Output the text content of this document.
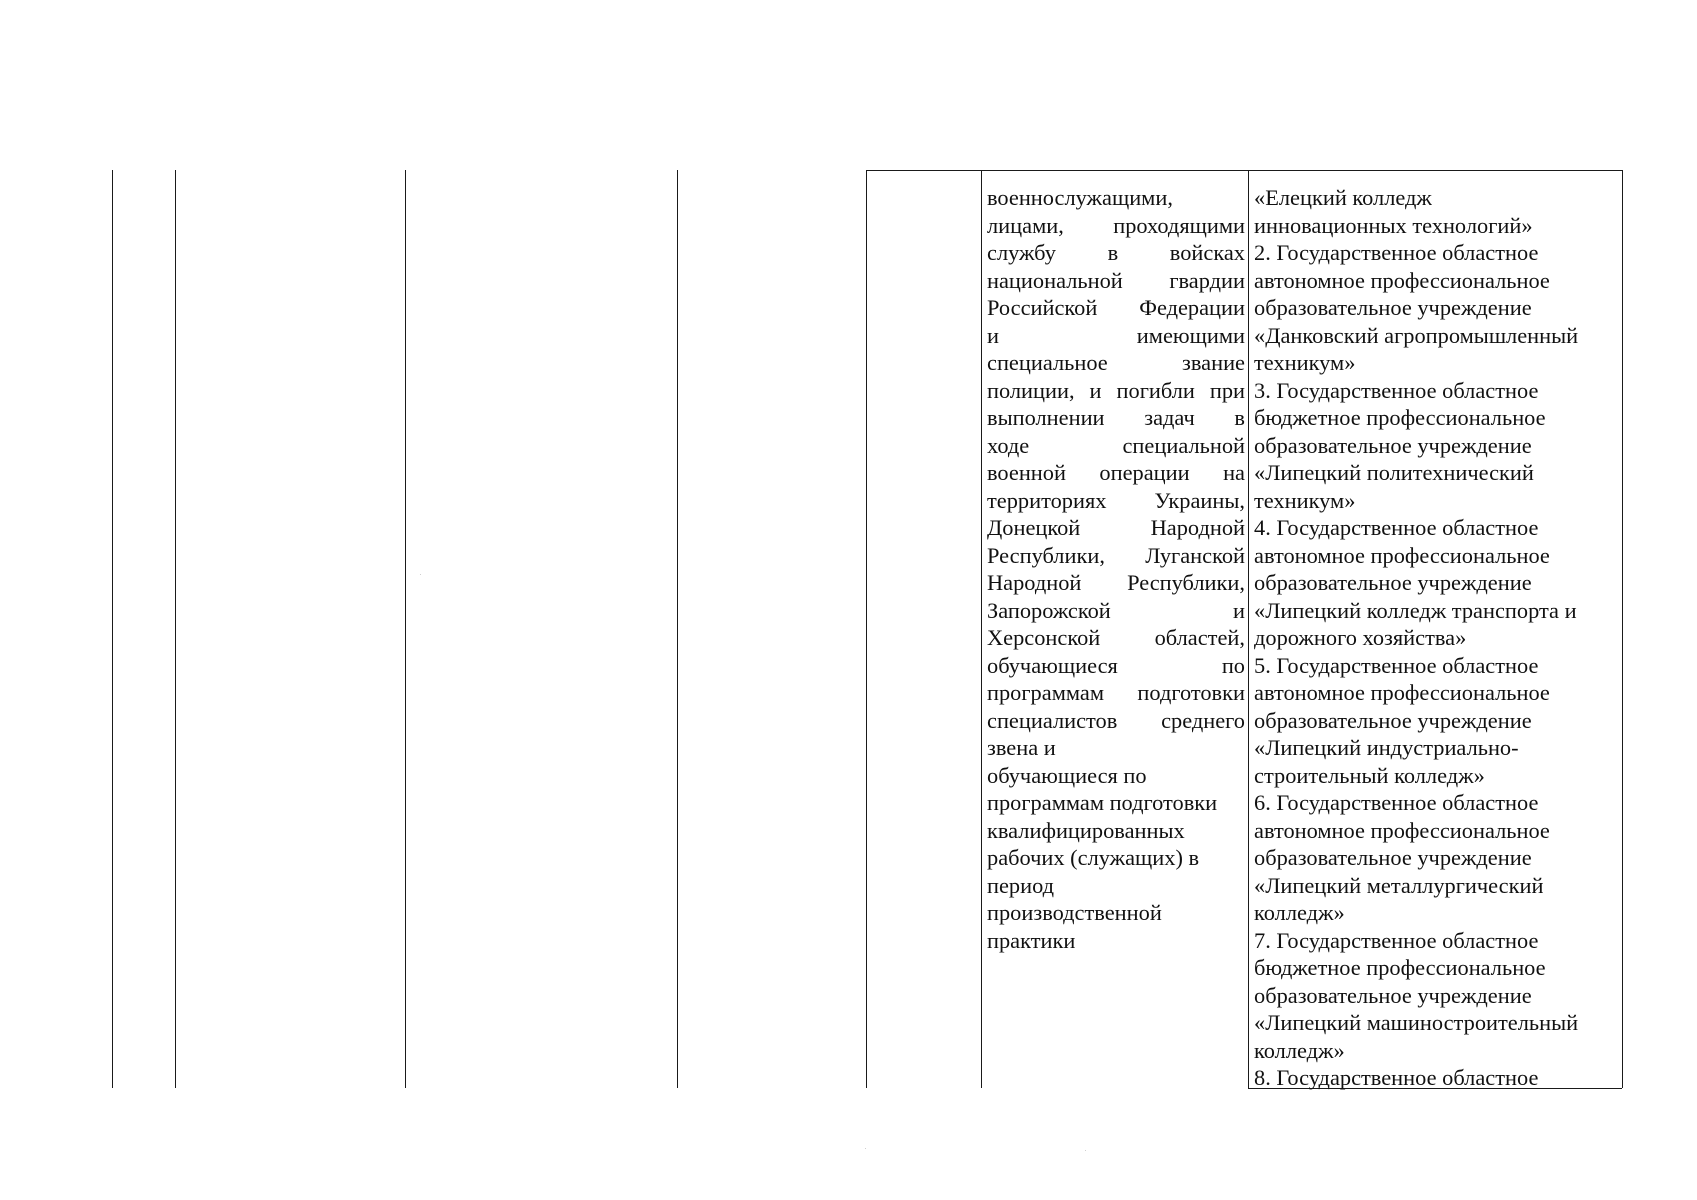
военнослужащими,
лицами, проходящими
службу в войсках
национальной гвардии
Российской Федерации
и имеющими
специальное звание
полиции, и погибли при
выполнении задач в
ходе специальной
военной операции на
территориях Украины,
Донецкой Народной
Республики, Луганской
Народной Республики,
Запорожской и
Херсонской областей,
обучающиеся по
программам подготовки
специалистов среднего
звена и
обучающиеся по
программам подготовки
квалифицированных
рабочих (служащих) в
период
производственной
практики
«Елецкий колледж
инновационных технологий»
2. Государственное областное
автономное профессиональное
образовательное учреждение
«Данковский агропромышленный
техникум»
3. Государственное областное
бюджетное профессиональное
образовательное учреждение
«Липецкий политехнический
техникум»
4. Государственное областное
автономное профессиональное
образовательное учреждение
«Липецкий колледж транспорта и
дорожного хозяйства»
5. Государственное областное
автономное профессиональное
образовательное учреждение
«Липецкий индустриально-
строительный колледж»
6. Государственное областное
автономное профессиональное
образовательное учреждение
«Липецкий металлургический
колледж»
7. Государственное областное
бюджетное профессиональное
образовательное учреждение
«Липецкий машиностроительный
колледж»
8. Государственное областное
